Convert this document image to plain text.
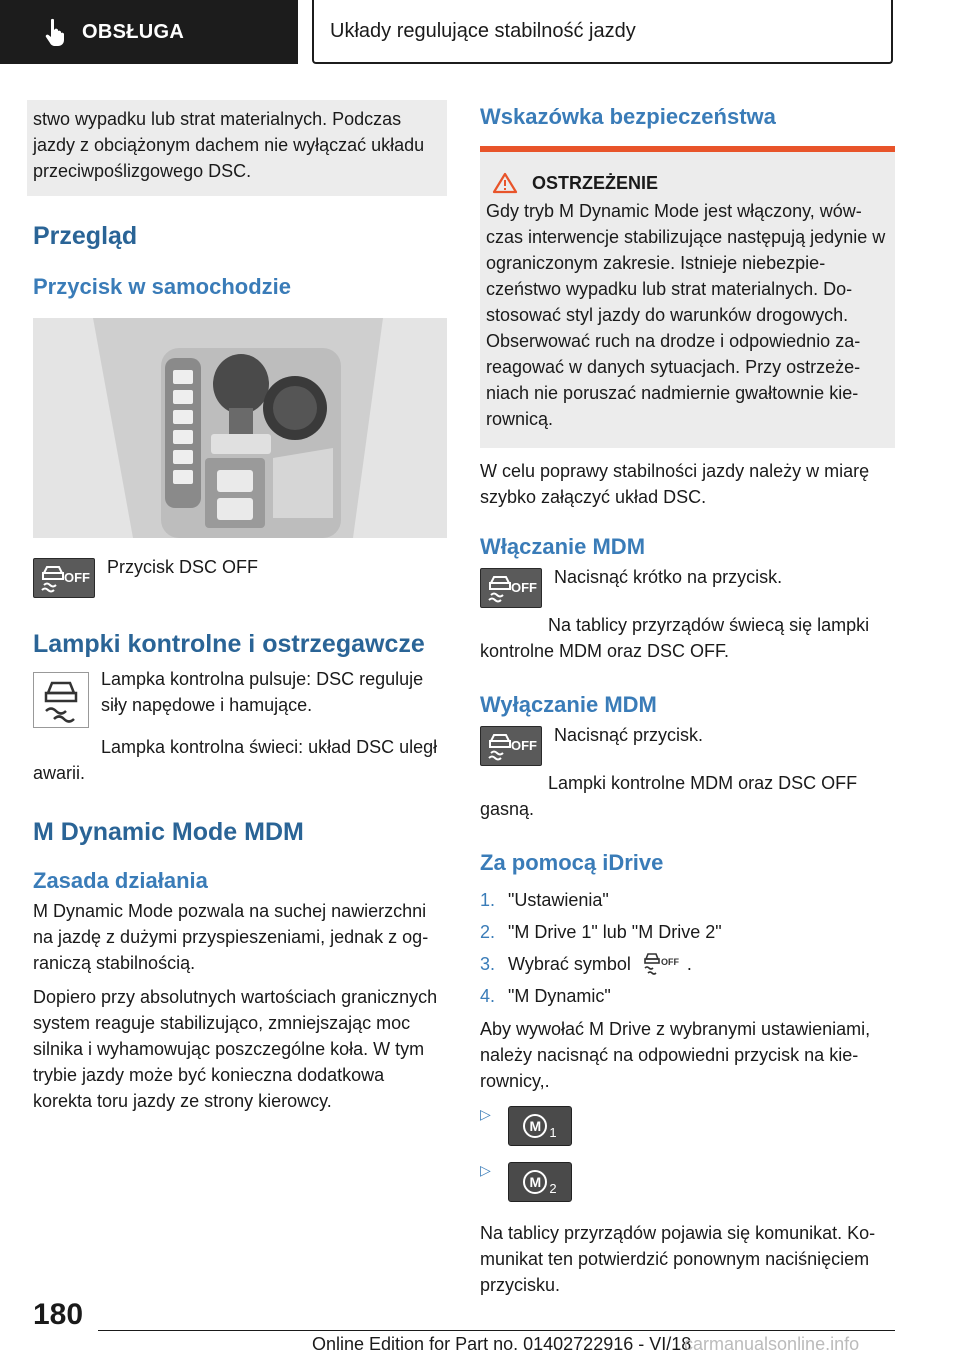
OBSŁUGA	Układy regulujące stabilność jazdy

stwo wypadku lub strat materialnych. Podczas jazdy z obciążonym dachem nie wyłączać układu przeciwpoślizgowego DSC.

Przegląd
Przycisk w samochodzie
OFF

Przycisk DSC OFF

Lampki kontrolne i ostrzegawcze

Lampka kontrolna pulsuje: DSC reguluje siły napędowe i hamujące.

Lampka kontrolna świeci: układ DSC uległ awarii.

M Dynamic Mode MDM
Zasada działania

M Dynamic Mode pozwala na suchej nawierzchni na jazdę z dużymi przyspieszeniami, jednak z ograniczą stabilnością.

Dopiero przy absolutnych wartościach granicznych system reaguje stabilizująco, zmniejszając moc silnika i wyhamowując poszczególne koła. W tym trybie jazdy może być konieczna dodatkowa korekta toru jazdy ze strony kierowcy.

Wskazówka bezpieczeństwa
OSTRZEŻENIE

Gdy tryb M Dynamic Mode jest włączony, wówczas interwencje stabilizujące następują jedynie w ograniczonym zakresie. Istnieje niebezpieczeństwo wypadku lub strat materialnych. Dostosować styl jazdy do warunków drogowych. Obserwować ruch na drodze i odpowiednio zareagować w danych sytuacjach. Przy ostrzeżeniach nie poruszać nadmiernie gwałtownie kierownicą.

W celu poprawy stabilności jazdy należy w miarę szybko załączyć układ DSC.

Włączanie MDM
OFF

Nacisnąć krótko na przycisk.

Na tablicy przyrządów świecą się lampki kontrolne MDM oraz DSC OFF.

Wyłączanie MDM
OFF

Nacisnąć przycisk.

Lampki kontrolne MDM oraz DSC OFF gasną.

Za pomocą iDrive
1. "Ustawienia"
2. "M Drive 1" lub "M Drive 2"
3. Wybrać symbol	OFF .
4. "M Dynamic"

Aby wywołać M Drive z wybranymi ustawieniami, należy nacisnąć na odpowiedni przycisk na kierownicy,.

▷
M 1
▷
M 2

Na tablicy przyrządów pojawia się komunikat. Komunikat ten potwierdzić ponownym naciśnięciem przycisku.

180
Online Edition for Part no. 01402722916 - VI/18
carmanualsonline.info
